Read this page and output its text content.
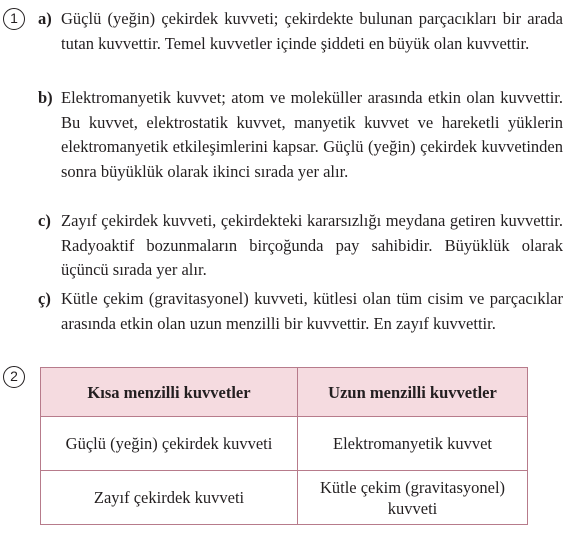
1	a) Güçlü (yeğin) çekirdek kuvveti; çekirdekte bulunan parçacıkları bir arada tutan kuvvettir. Temel kuvvetler içinde şiddeti en büyük olan kuvvettir.
b) Elektromanyetik kuvvet; atom ve moleküller arasında etkin olan kuvvettir. Bu kuvvet, elektrostatik kuvvet, manyetik kuvvet ve hareketli yüklerin elektromanyetik etkileşimlerini kapsar. Güçlü (yeğin) çekirdek kuvvetinden sonra büyüklük olarak ikinci sırada yer alır.
c) Zayıf çekirdek kuvveti, çekirdekteki kararsızlığı meydana getiren kuvvettir. Radyoaktif bozunmaların birçoğunda pay sahibidir. Büyüklük olarak üçüncü sırada yer alır.
ç) Kütle çekim (gravitasyonel) kuvveti, kütlesi olan tüm cisim ve parçacıklar arasında etkin olan uzun menzilli bir kuvvettir. En zayıf kuvvettir.
2
Kısa menzilli kuvvetler	Uzun menzilli kuvvetler
Güçlü (yeğin) çekirdek kuvveti	Elektromanyetik kuvvet
Zayıf çekirdek kuvveti	Kütle çekim (gravitasyonel) kuvveti
